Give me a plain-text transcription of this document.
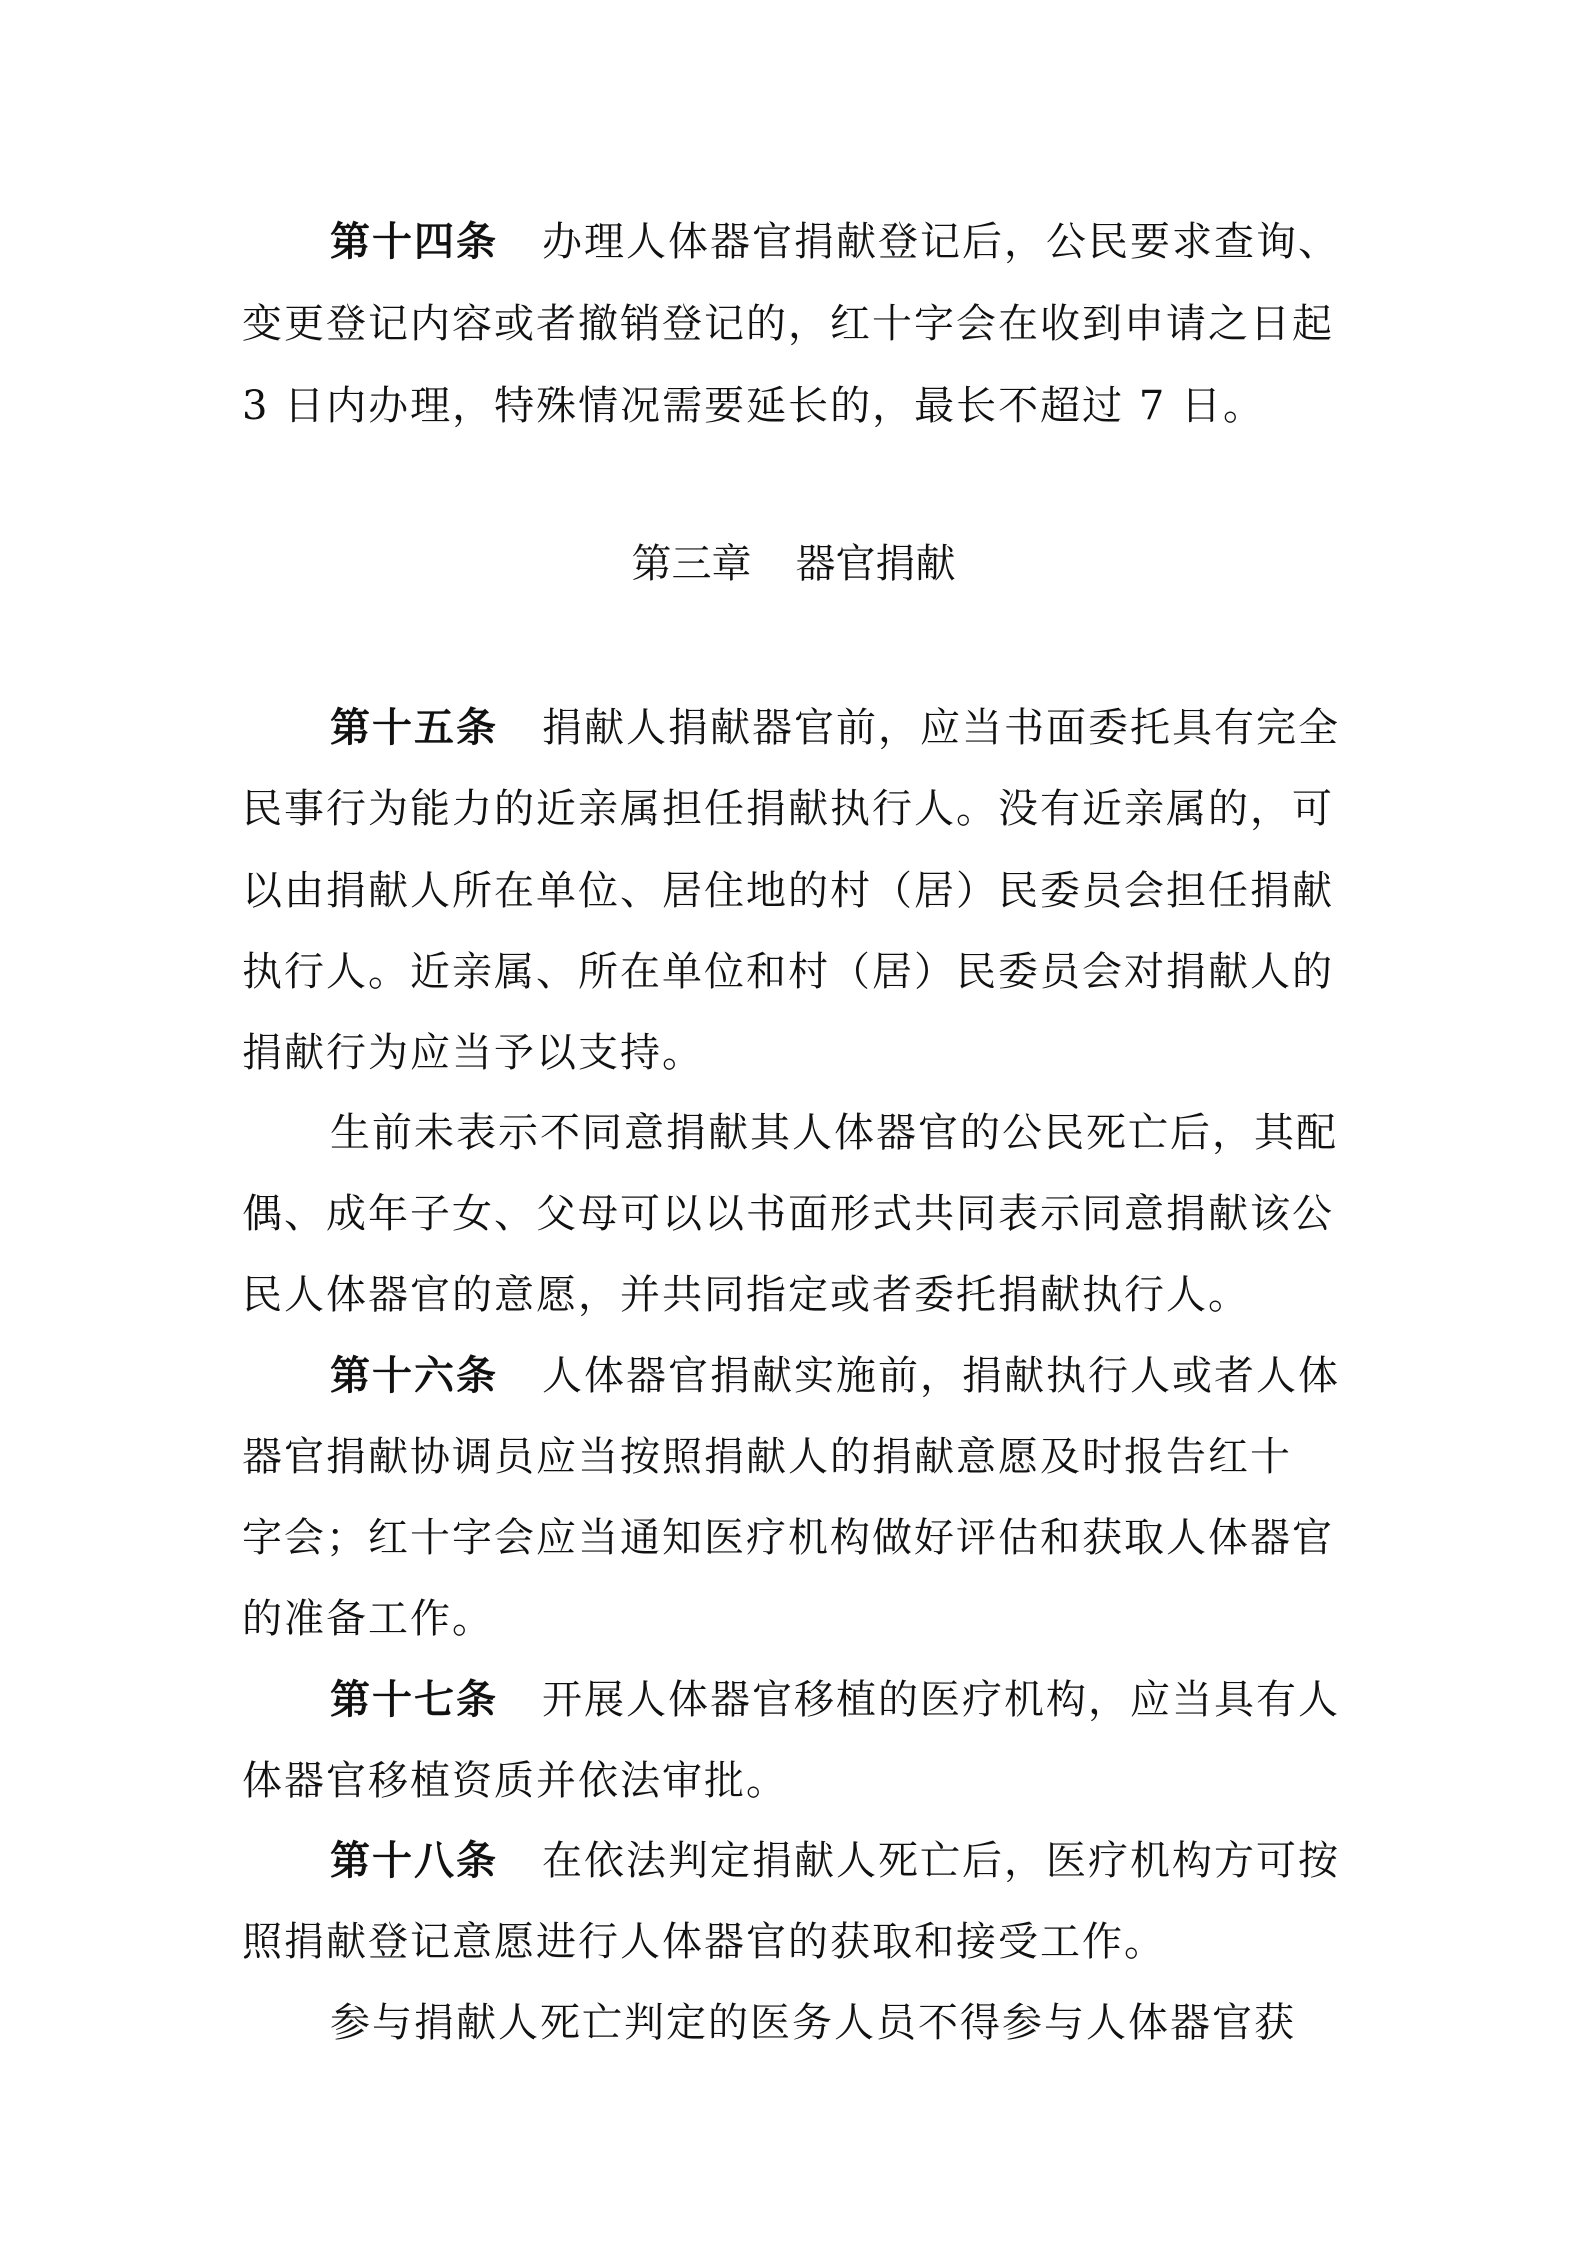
第十四条 办理人体器官捐献登记后，公民要求查询、
变更登记内容或者撤销登记的，红十字会在收到申请之日起
3 日内办理，特殊情况需要延长的，最长不超过 7 日。
第三章 器官捐献
第十五条 捐献人捐献器官前，应当书面委托具有完全
民事行为能力的近亲属担任捐献执行人。没有近亲属的，可
以由捐献人所在单位、居住地的村（居）民委员会担任捐献
执行人。近亲属、所在单位和村（居）民委员会对捐献人的
捐献行为应当予以支持。
生前未表示不同意捐献其人体器官的公民死亡后，其配
偶、成年子女、父母可以以书面形式共同表示同意捐献该公
民人体器官的意愿，并共同指定或者委托捐献执行人。
第十六条 人体器官捐献实施前，捐献执行人或者人体
器官捐献协调员应当按照捐献人的捐献意愿及时报告红十
字会；红十字会应当通知医疗机构做好评估和获取人体器官
的准备工作。
第十七条 开展人体器官移植的医疗机构，应当具有人
体器官移植资质并依法审批。
第十八条 在依法判定捐献人死亡后，医疗机构方可按
照捐献登记意愿进行人体器官的获取和接受工作。
参与捐献人死亡判定的医务人员不得参与人体器官获
